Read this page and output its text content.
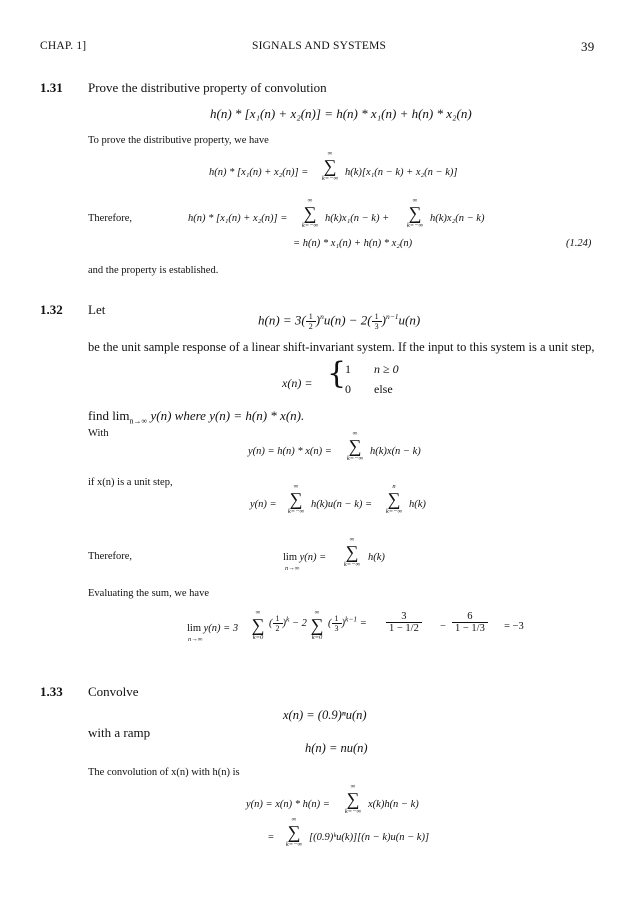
CHAP. 1]	SIGNALS AND SYSTEMS	39
1.31 Prove the distributive property of convolution
h(n) * [x₁(n) + x₂(n)] = h(n) * x₁(n) + h(n) * x₂(n)
To prove the distributive property, we have
h(n) * [x₁(n) + x₂(n)] =
∞
∑
k=−∞
h(k)[x₁(n − k) + x₂(n − k)]
Therefore,	h(n) * [x₁(n) + x₂(n)] =
∞
∑
k=−∞
h(k)x₁(n − k) +
∞
∑
k=−∞
h(k)x₂(n − k)
= h(n) * x₁(n) + h(n) * x₂(n)	(1.24)
and the property is established.
1.32 Let
$h(n) = 3( \frac{1}{2} )^nu(n) - 2( \frac{1}{3} )^{n-1}u(n)$
be the unit sample response of a linear shift-invariant system. If the input to this system is a unit step,
x(n) = {
1 n ≥ 0
0 else
find $\lim_{n\to\infty} y(n)$ where y(n) = h(n) * x(n).
With
y(n) = h(n) * x(n) =
∞
∑
k=−∞
h(k)x(n − k)
if x(n) is a unit step,
y(n) =
∞
∑
k=−∞
h(k)u(n − k) =
n
∑
k=−∞
h(k)
Therefore,	lim y(n) =
n→∞
∞
∑
k=−∞
h(k)
Evaluating the sum, we have
lim y(n) = 3
n→∞
∞
∑
k=0
( $\frac{1}{2} )^k - 2$
∞
∑
k=0
( $\frac{1}{3} )^{k-1} = \frac{3}{1 - 1/2} - \frac{6}{1 - 1/3} = -3$
1.33 Convolve
x(n) = (0.9)ⁿu(n)
with a ramp
h(n) = nu(n)
The convolution of x(n) with h(n) is
y(n) = x(n) * h(n) =
∞
∑
k=−∞
x(k)h(n − k)
=
∞
∑
k=−∞
[(0.9)ᵏu(k)][(n − k)u(n − k)]
